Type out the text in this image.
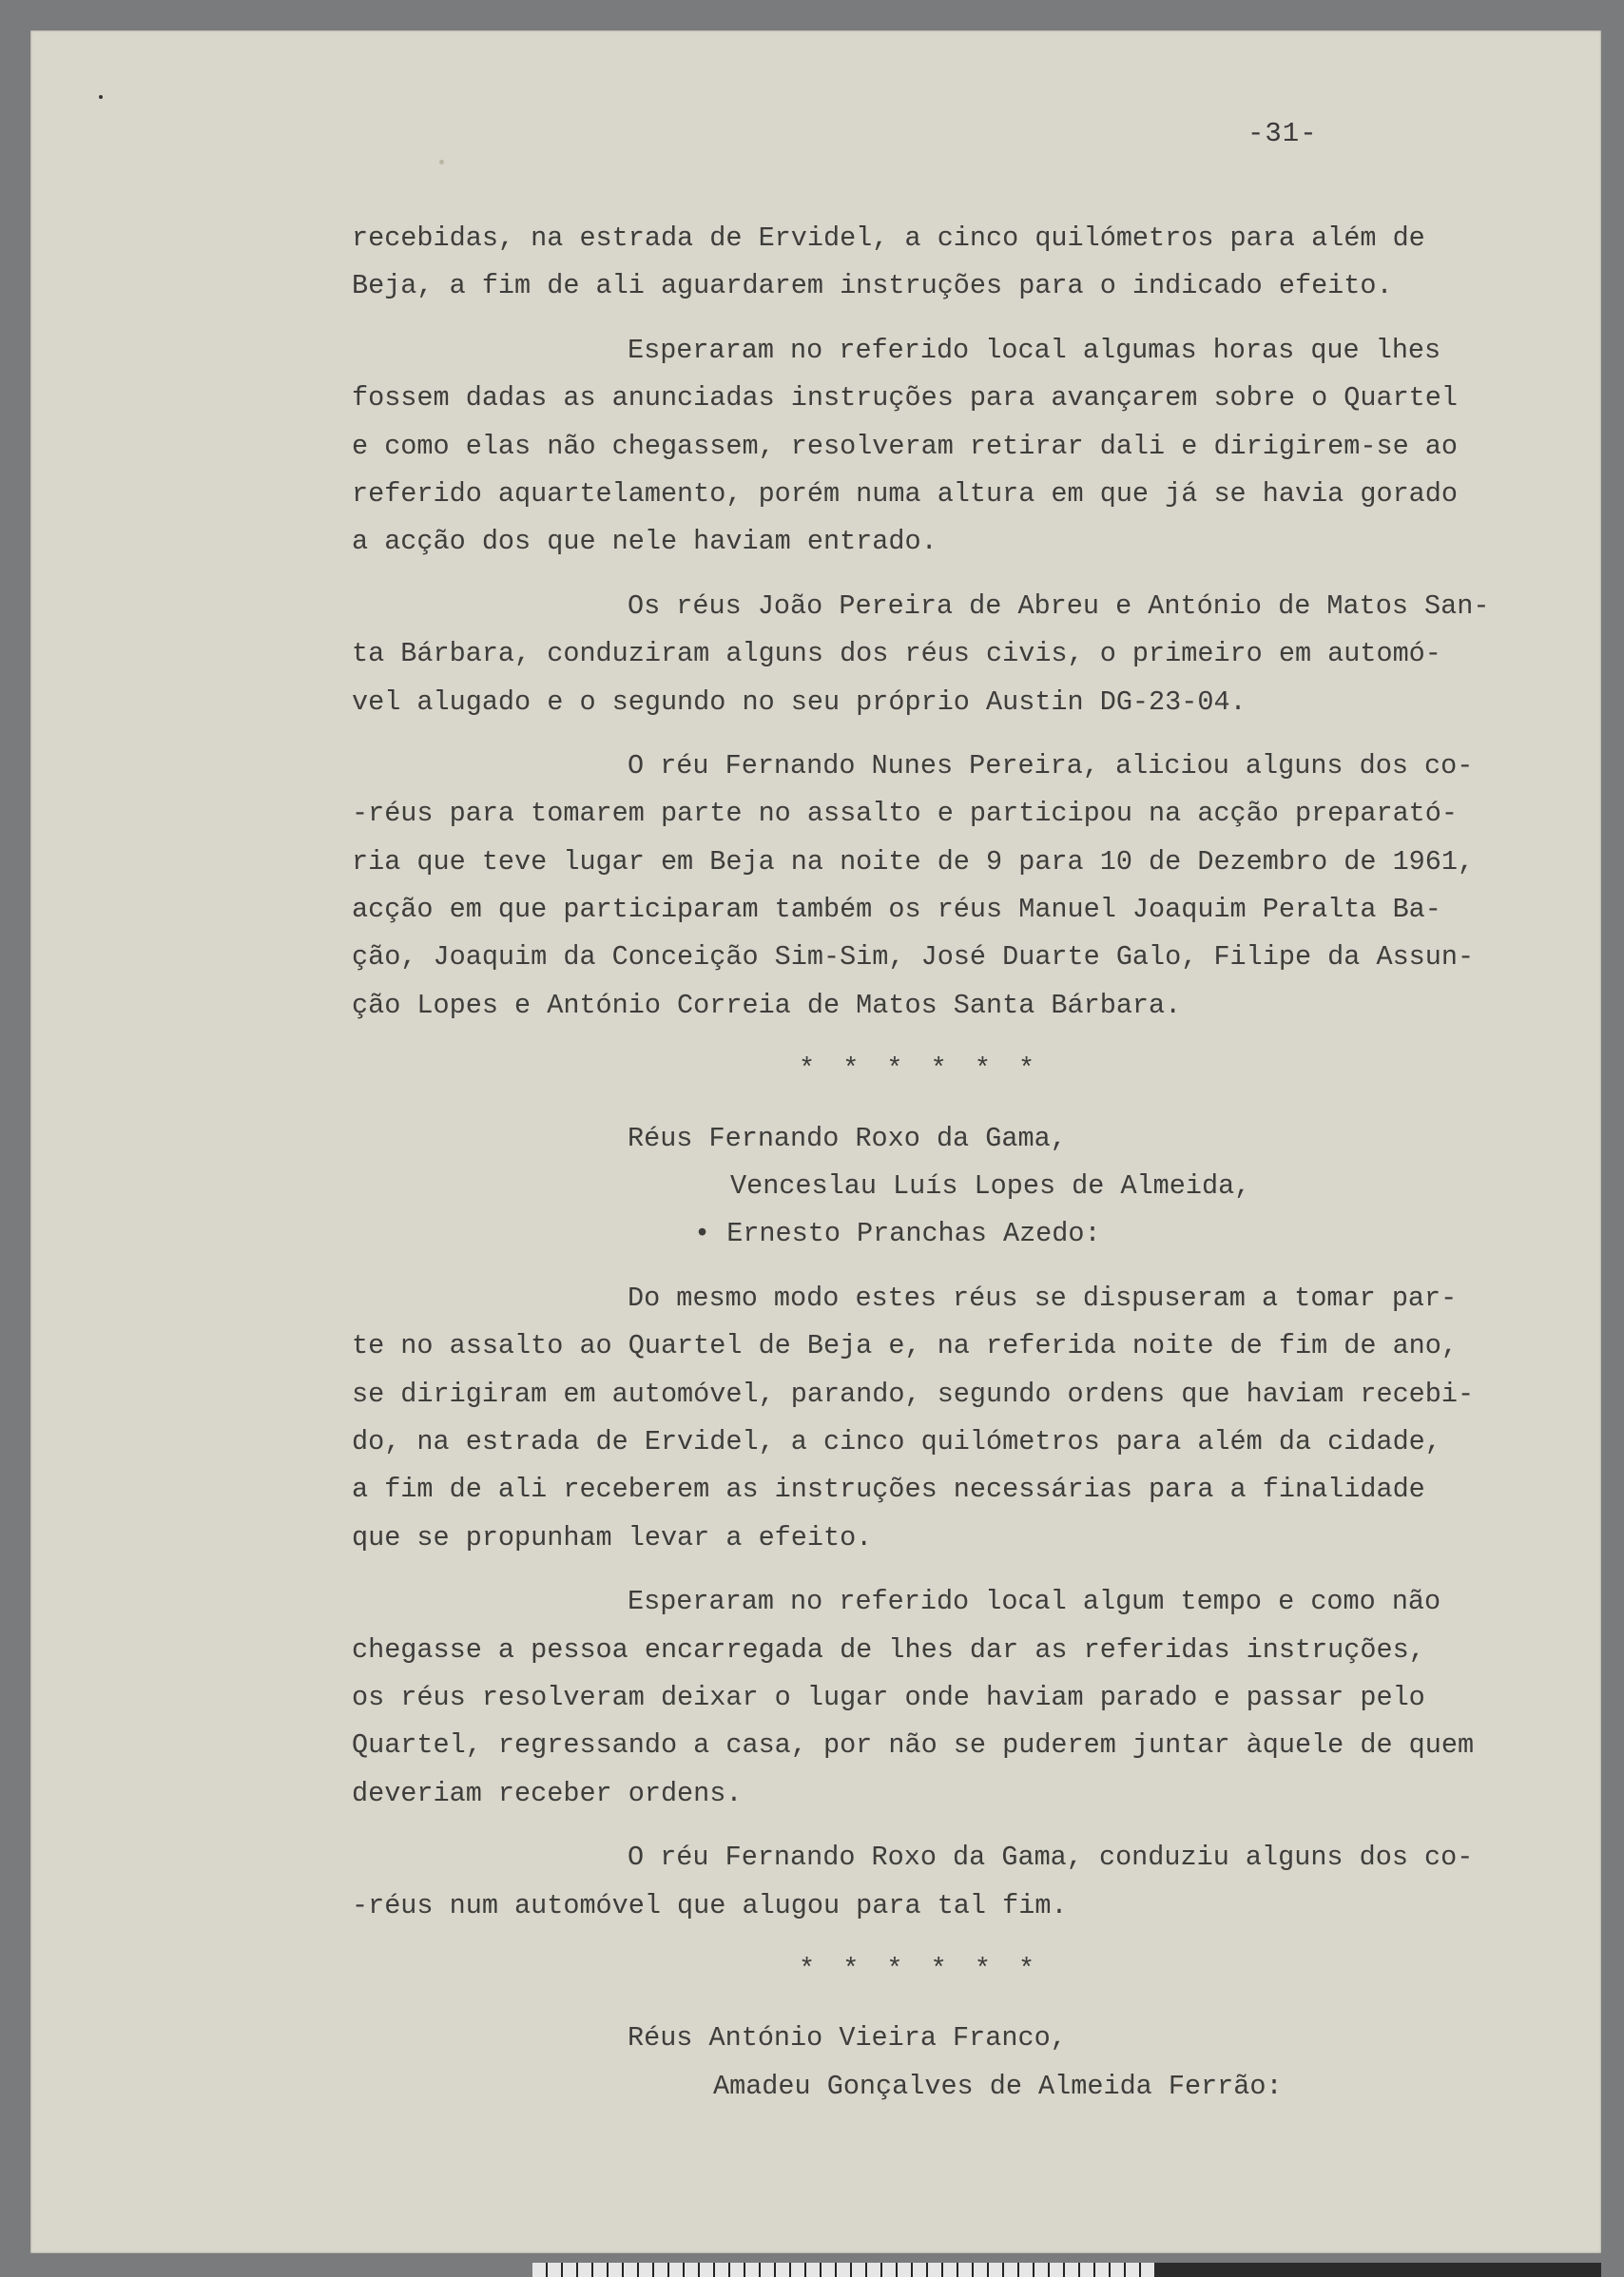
-31-
recebidas, na estrada de Ervidel, a cinco quilómetros para além de
Beja, a fim de ali aguardarem instruções para o indicado efeito.
Esperaram no referido local algumas horas que lhes
fossem dadas as anunciadas instruções para avançarem sobre o Quartel
e como elas não chegassem, resolveram retirar dali e dirigirem-se ao
referido aquartelamento, porém numa altura em que já se havia gorado
a acção dos que nele haviam entrado.
Os réus João Pereira de Abreu e António de Matos San-
ta Bárbara, conduziram alguns dos réus civis, o primeiro em automó-
vel alugado e o segundo no seu próprio Austin DG-23-04.
O réu Fernando Nunes Pereira, aliciou alguns dos co-
-réus para tomarem parte no assalto e participou na acção preparató-
ria que teve lugar em Beja na noite de 9 para 10 de Dezembro de 1961,
acção em que participaram também os réus Manuel Joaquim Peralta Ba-
ção, Joaquim da Conceição Sim-Sim, José Duarte Galo, Filipe da Assun-
ção Lopes e António Correia de Matos Santa Bárbara.
* * * * * *
Réus Fernando Roxo da Gama,
Venceslau Luís Lopes de Almeida,
• Ernesto Pranchas Azedo:
Do mesmo modo estes réus se dispuseram a tomar par-
te no assalto ao Quartel de Beja e, na referida noite de fim de ano,
se dirigiram em automóvel, parando, segundo ordens que haviam recebi-
do, na estrada de Ervidel, a cinco quilómetros para além da cidade,
a fim de ali receberem as instruções necessárias para a finalidade
que se propunham levar a efeito.
Esperaram no referido local algum tempo e como não
chegasse a pessoa encarregada de lhes dar as referidas instruções,
os réus resolveram deixar o lugar onde haviam parado e passar pelo
Quartel, regressando a casa, por não se puderem juntar àquele de quem
deveriam receber ordens.
O réu Fernando Roxo da Gama, conduziu alguns dos co-
-réus num automóvel que alugou para tal fim.
* * * * * *
Réus António Vieira Franco,
Amadeu Gonçalves de Almeida Ferrão:
